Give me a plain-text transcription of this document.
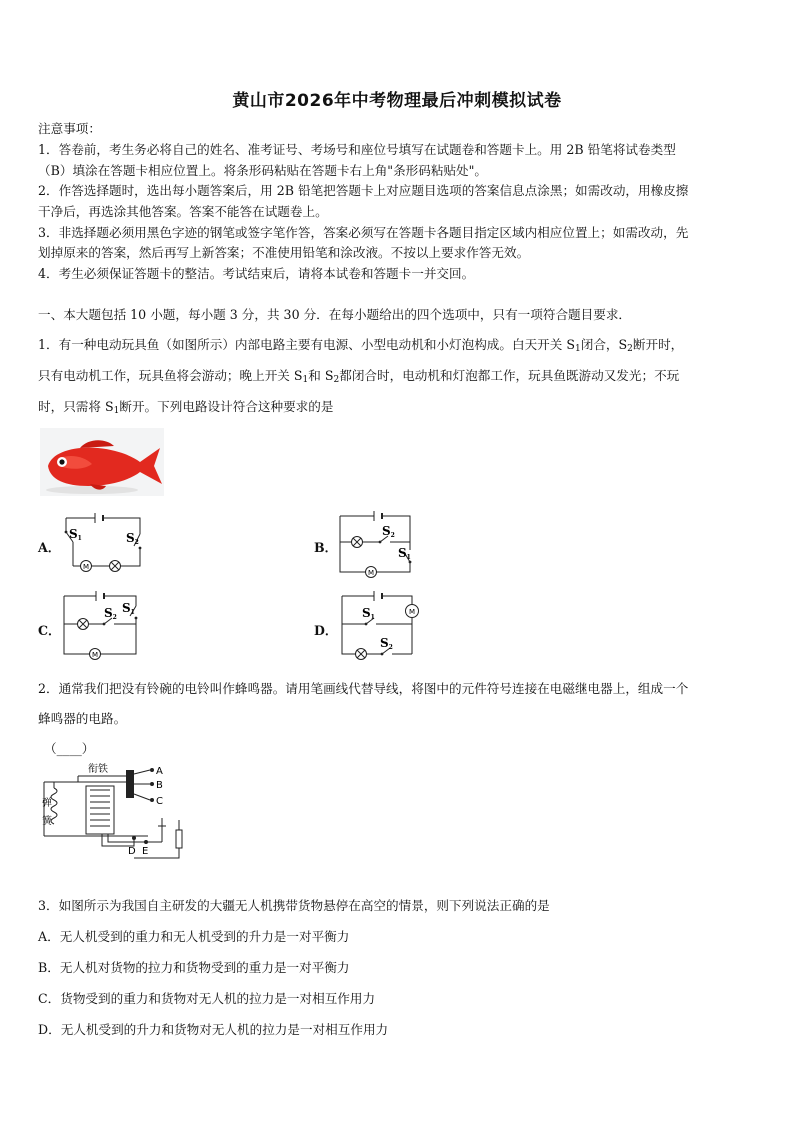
黄山市2026年中考物理最后冲刺模拟试卷
注意事项：
1．答卷前，考生务必将自己的姓名、准考证号、考场号和座位号填写在试题卷和答题卡上。用 2B 铅笔将试卷类型
（B）填涂在答题卡相应位置上。将条形码粘贴在答题卡右上角"条形码粘贴处"。
2．作答选择题时，选出每小题答案后，用 2B 铅笔把答题卡上对应题目选项的答案信息点涂黑；如需改动，用橡皮擦
干净后，再选涂其他答案。答案不能答在试题卷上。
3．非选择题必须用黑色字迹的钢笔或签字笔作答，答案必须写在答题卡各题目指定区域内相应位置上；如需改动，先
划掉原来的答案，然后再写上新答案；不准使用铅笔和涂改液。不按以上要求作答无效。
4．考生必须保证答题卡的整洁。考试结束后，请将本试卷和答题卡一并交回。
一、本大题包括 10 小题，每小题 3 分，共 30 分．在每小题给出的四个选项中，只有一项符合题目要求．
1．有一种电动玩具鱼（如图所示）内部电路主要有电源、小型电动机和小灯泡构成。白天开关 $S_1$闭合，$S_2$断开时，
只有电动机工作，玩具鱼将会游动；晚上开关 $S_1$和 $S_2$都闭合时，电动机和灯泡都工作，玩具鱼既游动又发光；不玩
时，只需将 $S_1$断开。下列电路设计符合这种要求的是
A．	B．
C．	D．
S1	S2
M
S2
S1
M
S1
S2
M
S1
S2
M
2．通常我们把没有铃碗的电铃叫作蜂鸣器。请用笔画线代替导线，将图中的元件符号连接在电磁继电器上，组成一个
蜂鸣器的电路。
（____）
衔铁
弹
簧
A
B
C
D E
3．如图所示为我国自主研发的大疆无人机携带货物悬停在高空的情景，则下列说法正确的是
A．无人机受到的重力和无人机受到的升力是一对平衡力
B．无人机对货物的拉力和货物受到的重力是一对平衡力
C．货物受到的重力和货物对无人机的拉力是一对相互作用力
D．无人机受到的升力和货物对无人机的拉力是一对相互作用力
